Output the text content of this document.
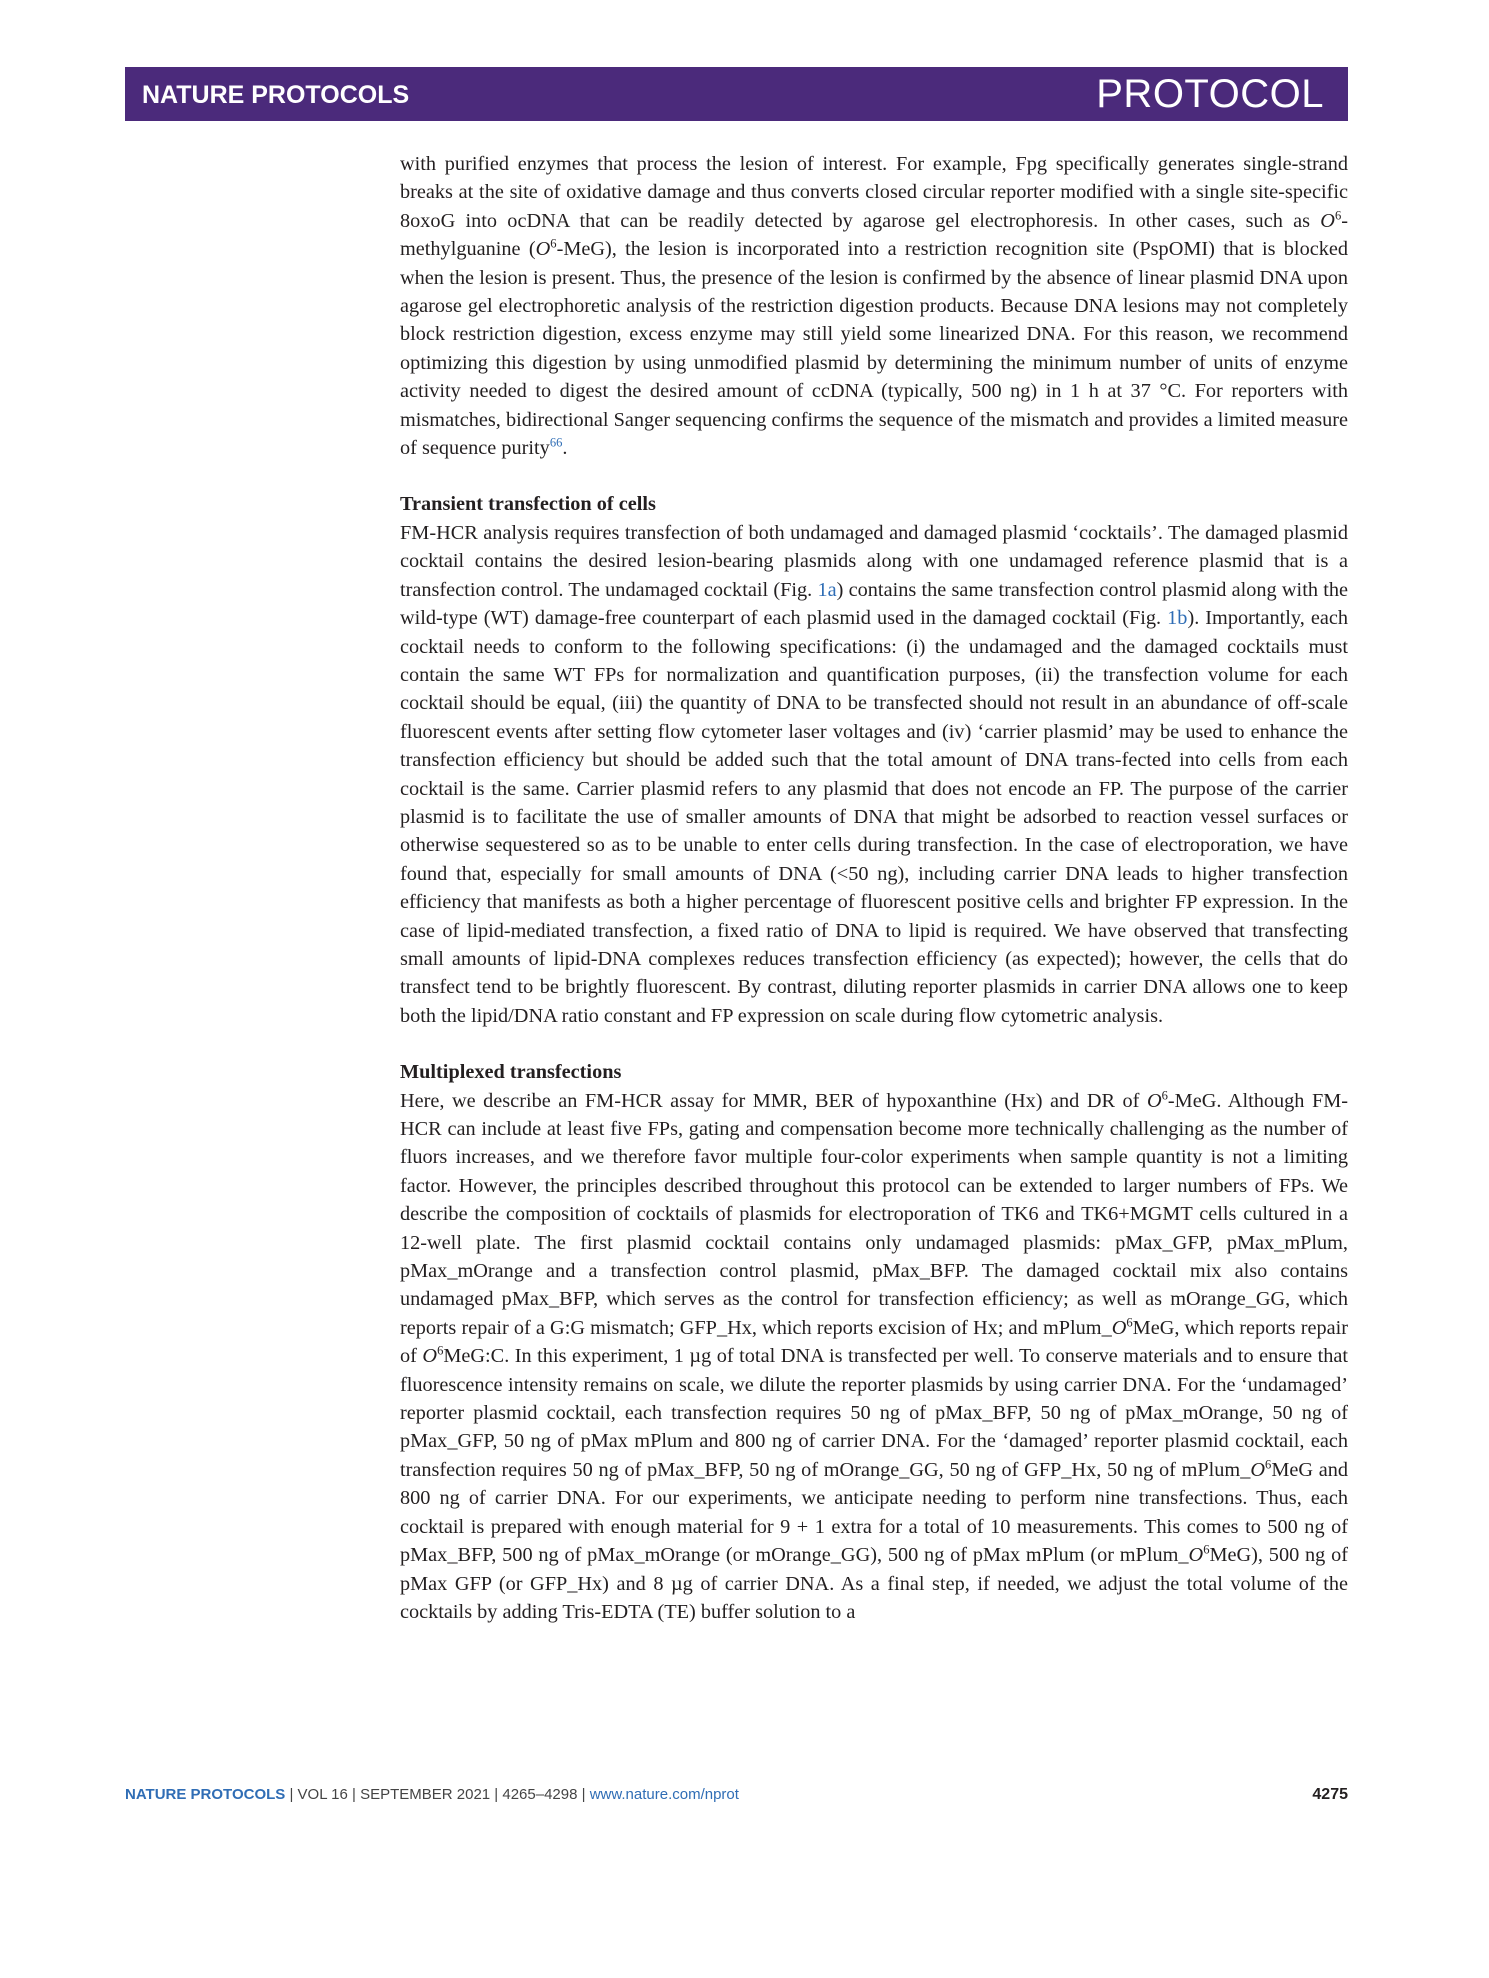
NATURE PROTOCOLS	PROTOCOL

with purified enzymes that process the lesion of interest. For example, Fpg specifically generates single-strand breaks at the site of oxidative damage and thus converts closed circular reporter modified with a single site-specific 8oxoG into ocDNA that can be readily detected by agarose gel electrophoresis. In other cases, such as $O^6$-methylguanine $(O^6-MeG)$, the lesion is incorporated into a restriction recognition site (PspOMI) that is blocked when the lesion is present. Thus, the presence of the lesion is confirmed by the absence of linear plasmid DNA upon agarose gel electrophoretic analysis of the restriction digestion products. Because DNA lesions may not completely block restriction digestion, excess enzyme may still yield some linearized DNA. For this reason, we recommend optimizing this digestion by using unmodified plasmid by determining the minimum number of units of enzyme activity needed to digest the desired amount of ccDNA (typically, 500 ng) in 1 h at 37 °C. For reporters with mismatches, bidirectional Sanger sequencing confirms the sequence of the mismatch and provides a limited measure of sequence purity$^{66}$.

Transient transfection of cells

FM-HCR analysis requires transfection of both undamaged and damaged plasmid ‘cocktails’. The damaged plasmid cocktail contains the desired lesion-bearing plasmids along with one undamaged reference plasmid that is a transfection control. The undamaged cocktail (Fig. 1a) contains the same transfection control plasmid along with the wild-type (WT) damage-free counterpart of each plasmid used in the damaged cocktail (Fig. 1b). Importantly, each cocktail needs to conform to the following specifications: (i) the undamaged and the damaged cocktails must contain the same WT FPs for normalization and quantification purposes, (ii) the transfection volume for each cocktail should be equal, (iii) the quantity of DNA to be transfected should not result in an abundance of off-scale fluorescent events after setting flow cytometer laser voltages and (iv) ‘carrier plasmid’ may be used to enhance the transfection efficiency but should be added such that the total amount of DNA trans-fected into cells from each cocktail is the same. Carrier plasmid refers to any plasmid that does not encode an FP. The purpose of the carrier plasmid is to facilitate the use of smaller amounts of DNA that might be adsorbed to reaction vessel surfaces or otherwise sequestered so as to be unable to enter cells during transfection. In the case of electroporation, we have found that, especially for small amounts of DNA (<50 ng), including carrier DNA leads to higher transfection efficiency that manifests as both a higher percentage of fluorescent positive cells and brighter FP expression. In the case of lipid-mediated transfection, a fixed ratio of DNA to lipid is required. We have observed that transfecting small amounts of lipid-DNA complexes reduces transfection efficiency (as expected); however, the cells that do transfect tend to be brightly fluorescent. By contrast, diluting reporter plasmids in carrier DNA allows one to keep both the lipid/DNA ratio constant and FP expression on scale during flow cytometric analysis.

Multiplexed transfections

Here, we describe an FM-HCR assay for MMR, BER of hypoxanthine (Hx) and DR of $O^6$-MeG. Although FM-HCR can include at least five FPs, gating and compensation become more technically challenging as the number of fluors increases, and we therefore favor multiple four-color experiments when sample quantity is not a limiting factor. However, the principles described throughout this protocol can be extended to larger numbers of FPs. We describe the composition of cocktails of plasmids for electroporation of TK6 and TK6+MGMT cells cultured in a 12-well plate. The first plasmid cocktail contains only undamaged plasmids: pMax_GFP, pMax_mPlum, pMax_mOrange and a transfection control plasmid, pMax_BFP. The damaged cocktail mix also contains undamaged pMax_BFP, which serves as the control for transfection efficiency; as well as mOrange_GG, which reports repair of a G:G mismatch; GFP_Hx, which reports excision of Hx; and $mPlum\_O^6MeG$, which reports repair of $O^6MeG:C$. In this experiment, 1 µg of total DNA is transfected per well. To conserve materials and to ensure that fluorescence intensity remains on scale, we dilute the reporter plasmids by using carrier DNA. For the ‘undamaged’ reporter plasmid cocktail, each transfection requires 50 ng of pMax_BFP, 50 ng of pMax_mOrange, 50 ng of pMax_GFP, 50 ng of pMax mPlum and 800 ng of carrier DNA. For the ‘damaged’ reporter plasmid cocktail, each transfection requires 50 ng of pMax_BFP, 50 ng of mOrange_GG, 50 ng of GFP_Hx, 50 ng of $mPlum\_O^6MeG$ and 800 ng of carrier DNA. For our experiments, we anticipate needing to perform nine transfections. Thus, each cocktail is prepared with enough material for 9 + 1 extra for a total of 10 measurements. This comes to 500 ng of pMax_BFP, 500 ng of pMax_mOrange (or mOrange_GG), 500 ng of pMax mPlum (or $mPlum\_O^6MeG$), 500 ng of pMax GFP (or GFP_Hx) and 8 µg of carrier DNA. As a final step, if needed, we adjust the total volume of the cocktails by adding Tris-EDTA (TE) buffer solution to a

NATURE PROTOCOLS | VOL 16 | SEPTEMBER 2021 | 4265–4298 | www.nature.com/nprot	4275
